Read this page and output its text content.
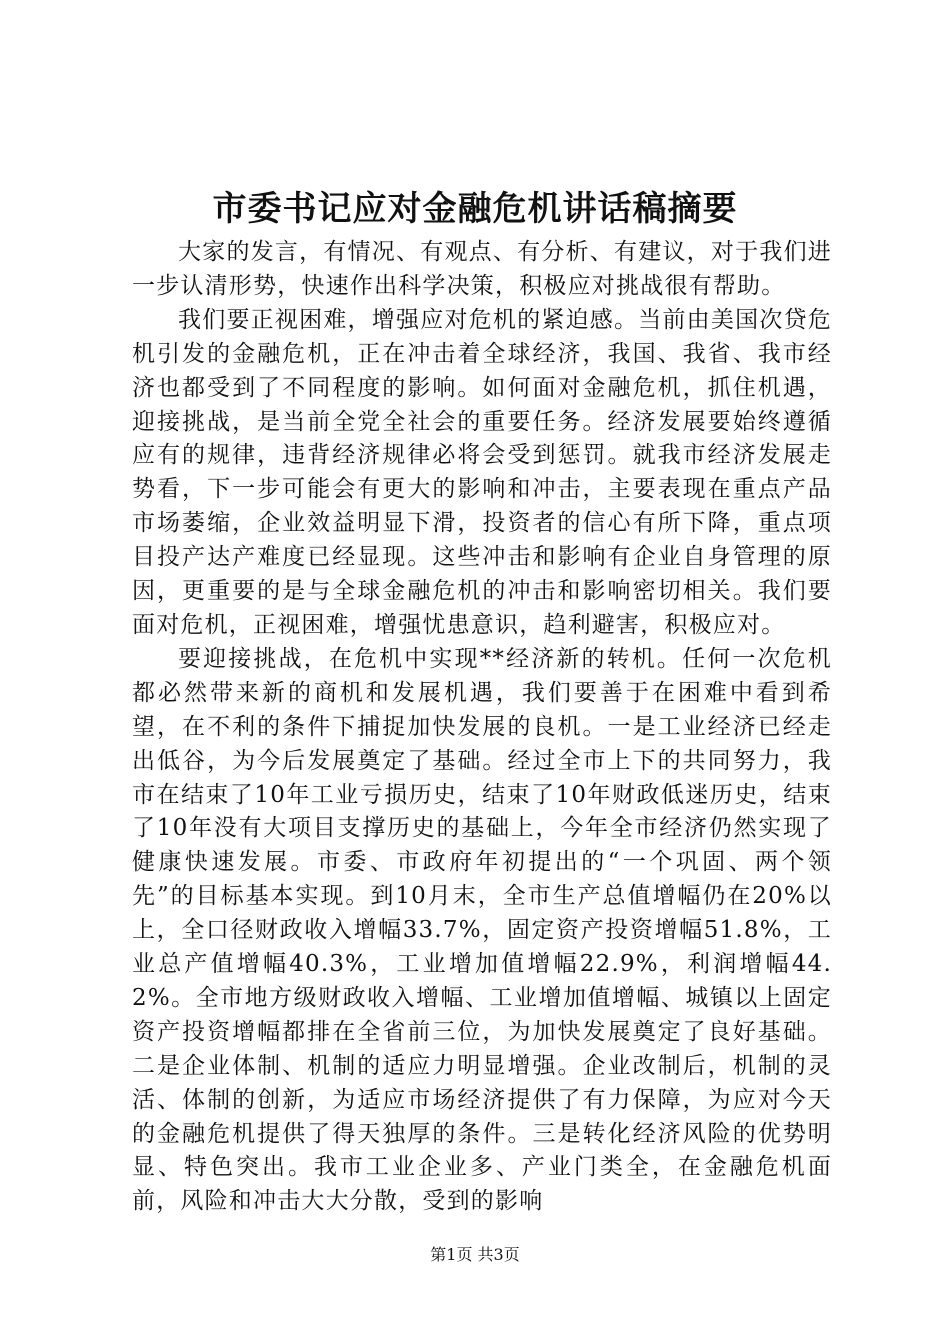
市委书记应对金融危机讲话稿摘要

大家的发言，有情况、有观点、有分析、有建议，对于我们进一步认清形势，快速作出科学决策，积极应对挑战很有帮助。

我们要正视困难，增强应对危机的紧迫感。当前由美国次贷危机引发的金融危机，正在冲击着全球经济，我国、我省、我市经济也都受到了不同程度的影响。如何面对金融危机，抓住机遇，迎接挑战，是当前全党全社会的重要任务。经济发展要始终遵循应有的规律，违背经济规律必将会受到惩罚。就我市经济发展走势看，下一步可能会有更大的影响和冲击，主要表现在重点产品市场萎缩，企业效益明显下滑，投资者的信心有所下降，重点项目投产达产难度已经显现。这些冲击和影响有企业自身管理的原因，更重要的是与全球金融危机的冲击和影响密切相关。我们要面对危机，正视困难，增强忧患意识，趋利避害，积极应对。

要迎接挑战，在危机中实现**经济新的转机。任何一次危机都必然带来新的商机和发展机遇，我们要善于在困难中看到希望，在不利的条件下捕捉加快发展的良机。一是工业经济已经走出低谷，为今后发展奠定了基础。经过全市上下的共同努力，我市在结束了10年工业亏损历史，结束了10年财政低迷历史，结束了10年没有大项目支撑历史的基础上，今年全市经济仍然实现了健康快速发展。市委、市政府年初提出的“一个巩固、两个领先”的目标基本实现。到10月末，全市生产总值增幅仍在20%以上，全口径财政收入增幅33.7%，固定资产投资增幅51.8%，工业总产值增幅40.3%，工业增加值增幅22.9%，利润增幅44.2%。全市地方级财政收入增幅、工业增加值增幅、城镇以上固定资产投资增幅都排在全省前三位，为加快发展奠定了良好基础。二是企业体制、机制的适应力明显增强。企业改制后，机制的灵活、体制的创新，为适应市场经济提供了有力保障，为应对今天的金融危机提供了得天独厚的条件。三是转化经济风险的优势明显、特色突出。我市工业企业多、产业门类全，在金融危机面前，风险和冲击大大分散，受到的影响

第1页 共3页
